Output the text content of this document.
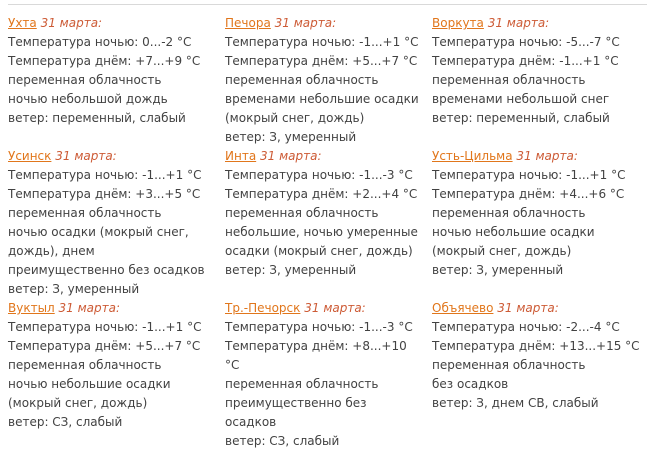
Ухта 31 марта:

Температура ночью: 0...-2 °C
Температура днём: +7...+9 °C
переменная облачность
ночью небольшой дождь
ветер: переменный, слабый

Печора 31 марта:

Температура ночью: -1...+1 °C
Температура днём: +5...+7 °C
переменная облачность
временами небольшие осадки (мокрый снег, дождь)
ветер: З, умеренный

Воркута 31 марта:

Температура ночью: -5...-7 °C
Температура днём: -1...+1 °C
переменная облачность
временами небольшой снег
ветер: переменный, слабый

Усинск 31 марта:

Температура ночью: -1...+1 °C
Температура днём: +3...+5 °C
переменная облачность
ночью осадки (мокрый снег, дождь), днем преимущественно без осадков
ветер: З, умеренный

Инта 31 марта:

Температура ночью: -1...-3 °C
Температура днём: +2...+4 °C
переменная облачность
небольшие, ночью умеренные осадки (мокрый снег, дождь)
ветер: З, умеренный

Усть-Цильма 31 марта:

Температура ночью: -1...+1 °C
Температура днём: +4...+6 °C
переменная облачность
ночью небольшие осадки (мокрый снег, дождь)
ветер: З, умеренный

Вуктыл 31 марта:

Температура ночью: -1...+1 °C
Температура днём: +5...+7 °C
переменная облачность
ночью небольшие осадки (мокрый снег, дождь)
ветер: СЗ, слабый

Тр.-Печорск 31 марта:

Температура ночью: -1...-3 °C
Температура днём: +8...+10 °C
переменная облачность
преимущественно без осадков
ветер: СЗ, слабый

Объячево 31 марта:

Температура ночью: -2...-4 °C
Температура днём: +13...+15 °C
переменная облачность
без осадков
ветер: З, днем СВ, слабый
